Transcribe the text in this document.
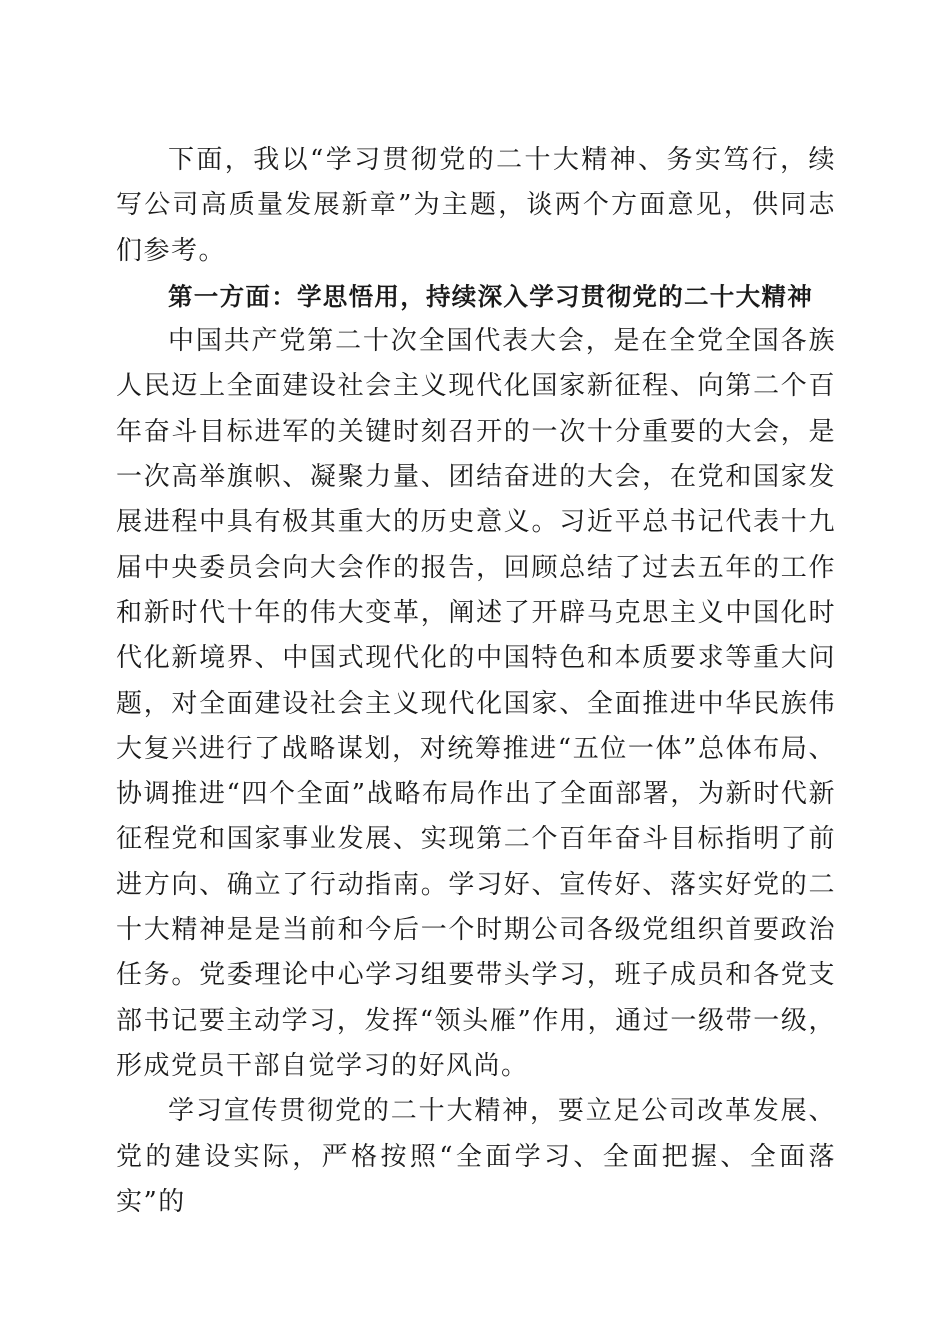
下面，我以“学习贯彻党的二十大精神、务实笃行，续写公司高质量发展新章”为主题，谈两个方面意见，供同志们参考。

第一方面：学思悟用，持续深入学习贯彻党的二十大精神

中国共产党第二十次全国代表大会，是在全党全国各族人民迈上全面建设社会主义现代化国家新征程、向第二个百年奋斗目标进军的关键时刻召开的一次十分重要的大会，是一次高举旗帜、凝聚力量、团结奋进的大会，在党和国家发展进程中具有极其重大的历史意义。习近平总书记代表十九届中央委员会向大会作的报告，回顾总结了过去五年的工作和新时代十年的伟大变革，阐述了开辟马克思主义中国化时代化新境界、中国式现代化的中国特色和本质要求等重大问题，对全面建设社会主义现代化国家、全面推进中华民族伟大复兴进行了战略谋划，对统筹推进“五位一体”总体布局、协调推进“四个全面”战略布局作出了全面部署，为新时代新征程党和国家事业发展、实现第二个百年奋斗目标指明了前进方向、确立了行动指南。学习好、宣传好、落实好党的二十大精神是是当前和今后一个时期公司各级党组织首要政治任务。党委理论中心学习组要带头学习，班子成员和各党支部书记要主动学习，发挥“领头雁”作用，通过一级带一级，形成党员干部自觉学习的好风尚。

学习宣传贯彻党的二十大精神，要立足公司改革发展、党的建设实际，严格按照“全面学习、全面把握、全面落实”的
